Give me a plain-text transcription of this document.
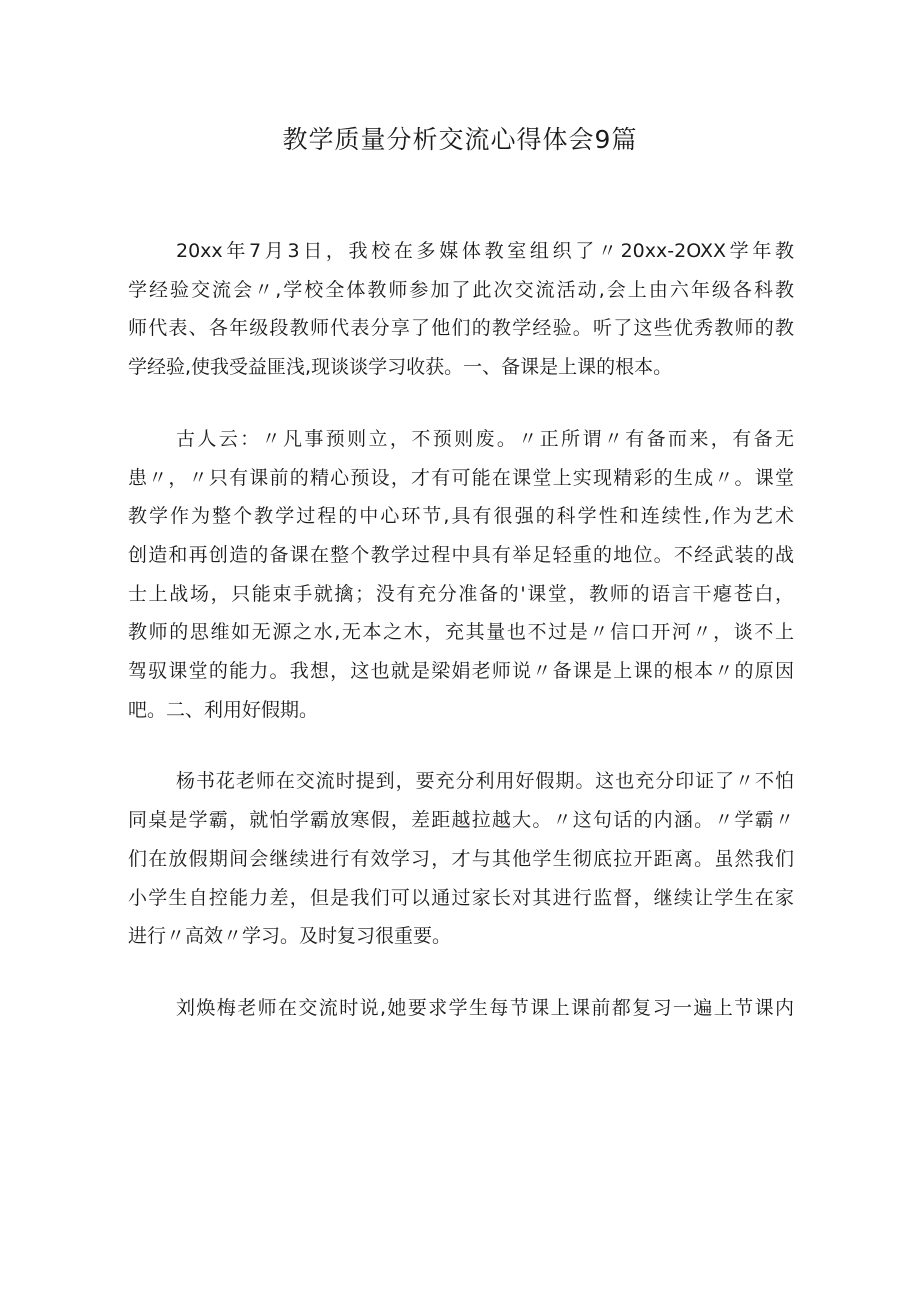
教学质量分析交流心得体会9篇

20xx年7月3日，我校在多媒体教室组织了〃20xx-2OXX学年教
学经验交流会〃,学校全体教师参加了此次交流活动,会上由六年级各科教
师代表、各年级段教师代表分享了他们的教学经验。听了这些优秀教师的教
学经验,使我受益匪浅,现谈谈学习收获。一、备课是上课的根本。

古人云：〃凡事预则立，不预则废。〃正所谓〃有备而来，有备无
患〃，〃只有课前的精心预设，才有可能在课堂上实现精彩的生成〃。课堂
教学作为整个教学过程的中心环节,具有很强的科学性和连续性,作为艺术
创造和再创造的备课在整个教学过程中具有举足轻重的地位。不经武装的战
士上战场，只能束手就擒；没有充分准备的'课堂，教师的语言干瘪苍白，
教师的思维如无源之水,无本之木，充其量也不过是〃信口开河〃，谈不上
驾驭课堂的能力。我想，这也就是梁娟老师说〃备课是上课的根本〃的原因
吧。二、利用好假期。

杨书花老师在交流时提到，要充分利用好假期。这也充分印证了〃不怕
同桌是学霸，就怕学霸放寒假，差距越拉越大。〃这句话的内涵。〃学霸〃
们在放假期间会继续进行有效学习，才与其他学生彻底拉开距离。虽然我们
小学生自控能力差，但是我们可以通过家长对其进行监督，继续让学生在家
进行〃高效〃学习。及时复习很重要。

刘焕梅老师在交流时说,她要求学生每节课上课前都复习一遍上节课内
